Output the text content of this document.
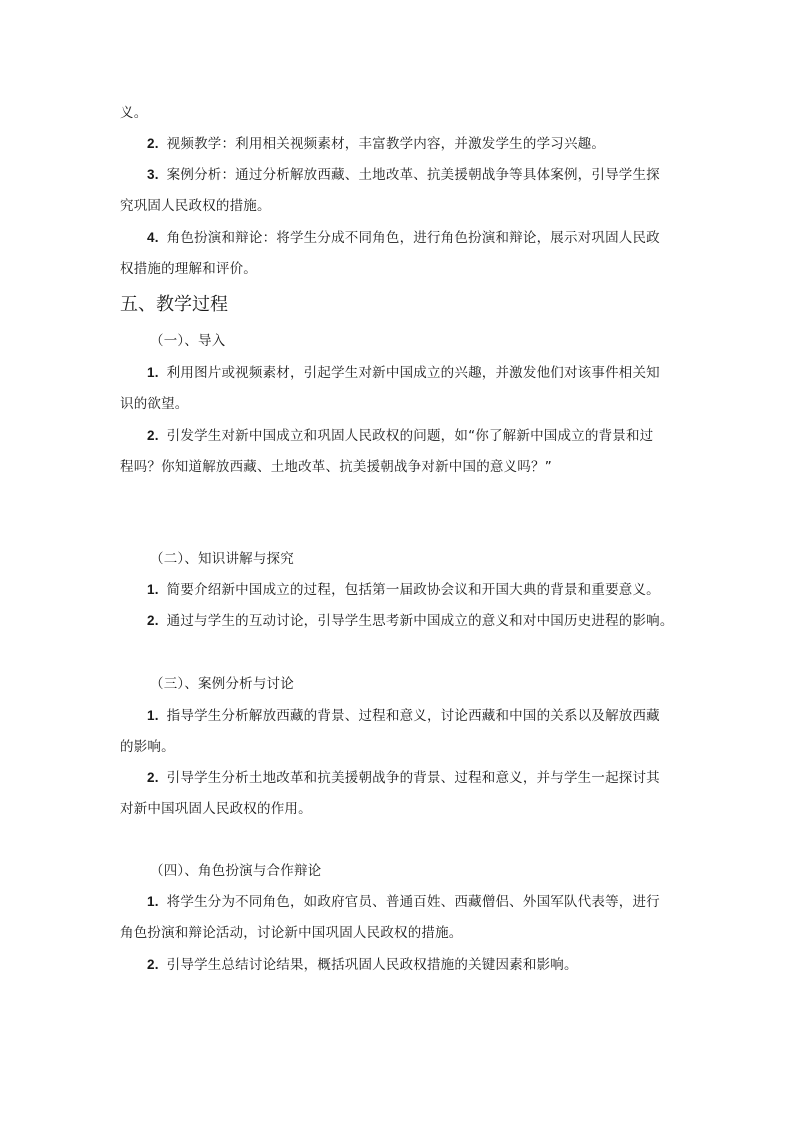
义。
2. 视频教学：利用相关视频素材，丰富教学内容，并激发学生的学习兴趣。
3. 案例分析：通过分析解放西藏、土地改革、抗美援朝战争等具体案例，引导学生探
究巩固人民政权的措施。
4. 角色扮演和辩论：将学生分成不同角色，进行角色扮演和辩论，展示对巩固人民政
权措施的理解和评价。
五、教学过程
（一）、导入
1. 利用图片或视频素材，引起学生对新中国成立的兴趣，并激发他们对该事件相关知
识的欲望。
2. 引发学生对新中国成立和巩固人民政权的问题，如“你了解新中国成立的背景和过
程吗？你知道解放西藏、土地改革、抗美援朝战争对新中国的意义吗？”
（二）、知识讲解与探究
1. 简要介绍新中国成立的过程，包括第一届政协会议和开国大典的背景和重要意义。
2. 通过与学生的互动讨论，引导学生思考新中国成立的意义和对中国历史进程的影响。
（三）、案例分析与讨论
1. 指导学生分析解放西藏的背景、过程和意义，讨论西藏和中国的关系以及解放西藏
的影响。
2. 引导学生分析土地改革和抗美援朝战争的背景、过程和意义，并与学生一起探讨其
对新中国巩固人民政权的作用。
（四）、角色扮演与合作辩论
1. 将学生分为不同角色，如政府官员、普通百姓、西藏僧侣、外国军队代表等，进行
角色扮演和辩论活动，讨论新中国巩固人民政权的措施。
2. 引导学生总结讨论结果，概括巩固人民政权措施的关键因素和影响。
